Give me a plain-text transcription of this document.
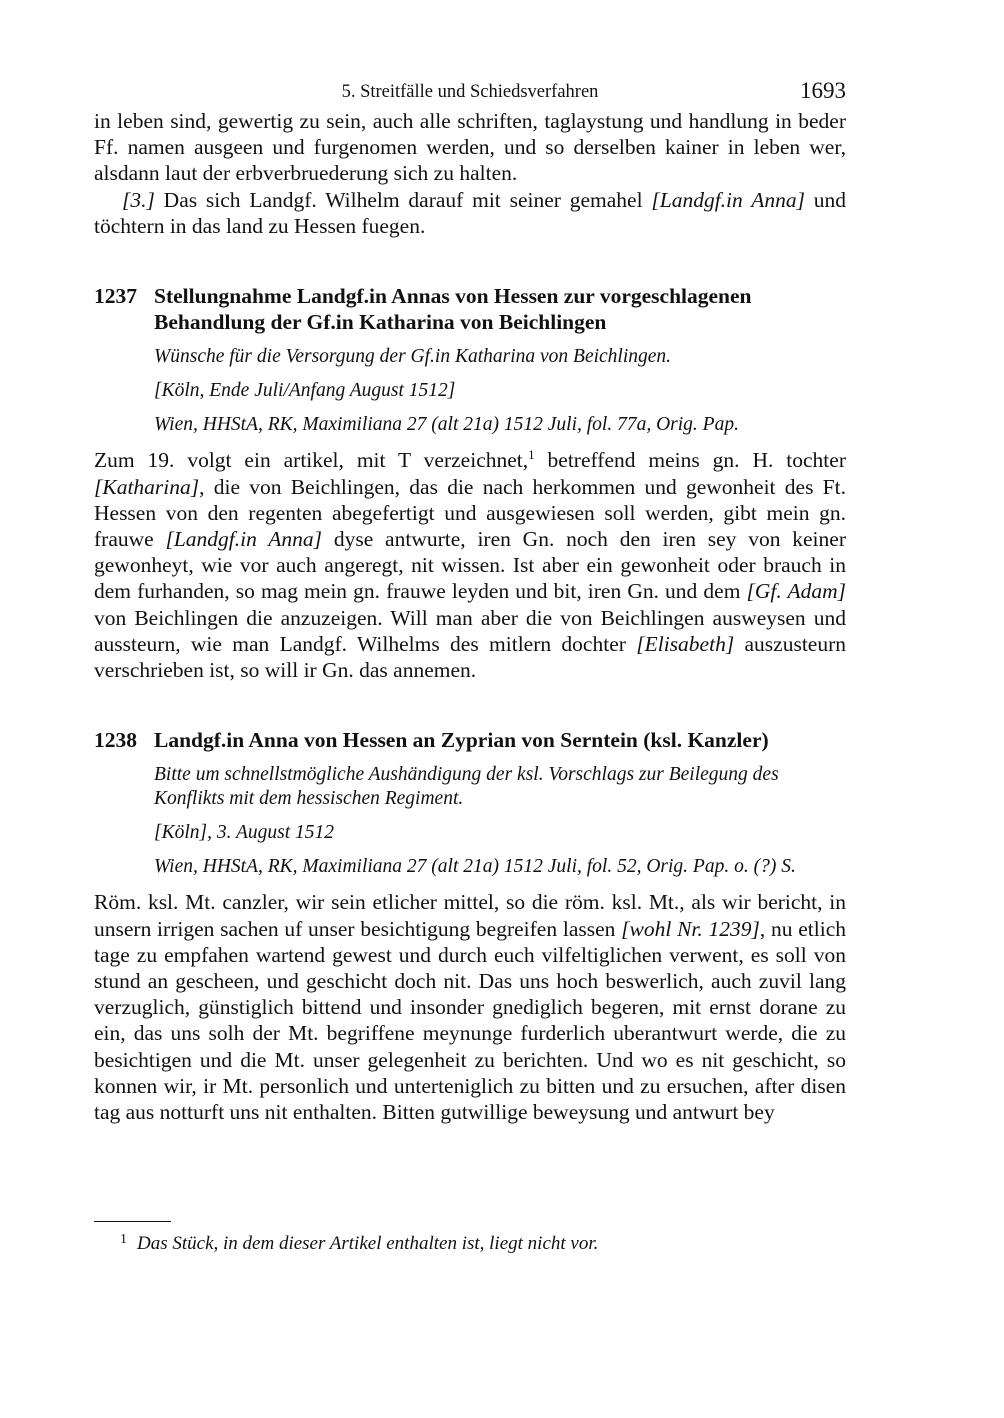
5. Streitfälle und Schiedsverfahren	1693

in leben sind, gewertig zu sein, auch alle schriften, taglaystung und handlung in beder Ff. namen ausgeen und furgenomen werden, und so derselben kainer in leben wer, alsdann laut der erbverbruederung sich zu halten.

[3.] Das sich Landgf. Wilhelm darauf mit seiner gemahel [Landgf.in Anna] und töchtern in das land zu Hessen fuegen.

1237 Stellungnahme Landgf.in Annas von Hessen zur vorgeschlagenen Behandlung der Gf.in Katharina von Beichlingen
Wünsche für die Versorgung der Gf.in Katharina von Beichlingen.
[Köln, Ende Juli/Anfang August 1512]
Wien, HHStA, RK, Maximiliana 27 (alt 21a) 1512 Juli, fol. 77a, Orig. Pap.

Zum 19. volgt ein artikel, mit T verzeichnet,$^1$ betreffend meins gn. H. tochter [Katharina], die von Beichlingen, das die nach herkommen und gewonheit des Ft. Hessen von den regenten abegefertigt und ausgewiesen soll werden, gibt mein gn. frauwe [Landgf.in Anna] dyse antwurte, iren Gn. noch den iren sey von keiner gewonheyt, wie vor auch angeregt, nit wissen. Ist aber ein gewonheit oder brauch in dem furhanden, so mag mein gn. frauwe leyden und bit, iren Gn. und dem [Gf. Adam] von Beichlingen die anzuzeigen. Will man aber die von Beichlingen ausweysen und aussteurn, wie man Landgf. Wilhelms des mitlern dochter [Elisabeth] auszusteurn verschrieben ist, so will ir Gn. das annemen.

1238 Landgf.in Anna von Hessen an Zyprian von Serntein (ksl. Kanzler)
Bitte um schnellstmögliche Aushändigung der ksl. Vorschlags zur Beilegung des Konflikts mit dem hessischen Regiment.
[Köln], 3. August 1512
Wien, HHStA, RK, Maximiliana 27 (alt 21a) 1512 Juli, fol. 52, Orig. Pap. o. (?) S.

Röm. ksl. Mt. canzler, wir sein etlicher mittel, so die röm. ksl. Mt., als wir bericht, in unsern irrigen sachen uf unser besichtigung begreifen lassen [wohl Nr. 1239], nu etlich tage zu empfahen wartend gewest und durch euch vilfeltiglichen verwent, es soll von stund an gescheen, und geschicht doch nit. Das uns hoch beswerlich, auch zuvil lang verzuglich, günstiglich bittend und insonder gnediglich begeren, mit ernst dorane zu ein, das uns solh der Mt. begriffene meynunge furderlich uberantwurt werde, die zu besichtigen und die Mt. unser gelegenheit zu berichten. Und wo es nit geschicht, so konnen wir, ir Mt. personlich und unterteniglich zu bitten und zu ersuchen, after disen tag aus notturft uns nit enthalten. Bitten gutwillige beweysung und antwurt bey

$^1$ Das Stück, in dem dieser Artikel enthalten ist, liegt nicht vor.
